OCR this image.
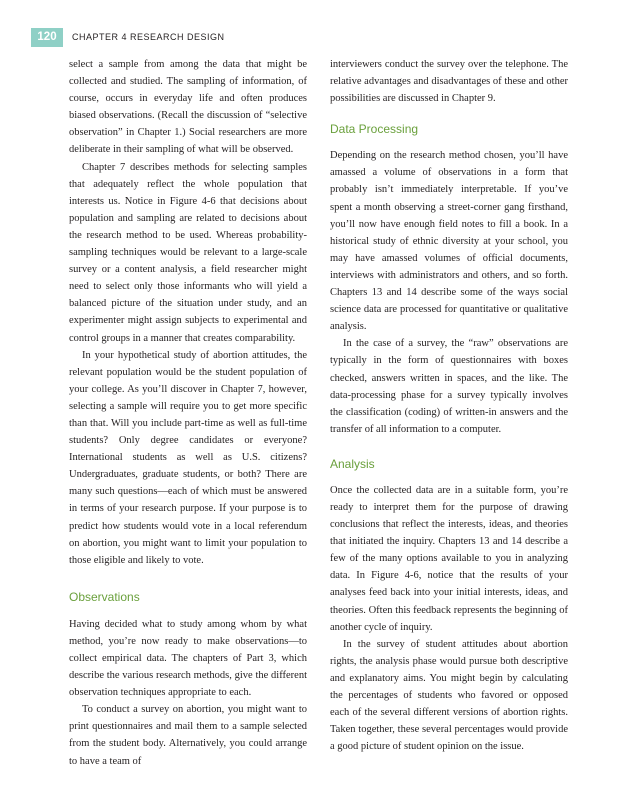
120	CHAPTER 4 RESEARCH DESIGN

select a sample from among the data that might be collected and studied. The sampling of information, of course, occurs in everyday life and often produces biased observations. (Recall the discussion of “selective observation” in Chapter 1.) Social researchers are more deliberate in their sampling of what will be observed.

Chapter 7 describes methods for selecting samples that adequately reflect the whole population that interests us. Notice in Figure 4-6 that decisions about population and sampling are related to decisions about the research method to be used. Whereas probability-sampling techniques would be relevant to a large-scale survey or a content analysis, a field researcher might need to select only those informants who will yield a balanced picture of the situation under study, and an experimenter might assign subjects to experimental and control groups in a manner that creates comparability.

In your hypothetical study of abortion attitudes, the relevant population would be the student population of your college. As you’ll discover in Chapter 7, however, selecting a sample will require you to get more specific than that. Will you include part-time as well as full-time students? Only degree candidates or everyone? International students as well as U.S. citizens? Undergraduates, graduate students, or both? There are many such questions—each of which must be answered in terms of your research purpose. If your purpose is to predict how students would vote in a local referendum on abortion, you might want to limit your population to those eligible and likely to vote.

Observations

Having decided what to study among whom by what method, you’re now ready to make observations—to collect empirical data. The chapters of Part 3, which describe the various research methods, give the different observation techniques appropriate to each.

To conduct a survey on abortion, you might want to print questionnaires and mail them to a sample selected from the student body. Alternatively, you could arrange to have a team of

interviewers conduct the survey over the telephone. The relative advantages and disadvantages of these and other possibilities are discussed in Chapter 9.

Data Processing

Depending on the research method chosen, you’ll have amassed a volume of observations in a form that probably isn’t immediately interpretable. If you’ve spent a month observing a street-corner gang firsthand, you’ll now have enough field notes to fill a book. In a historical study of ethnic diversity at your school, you may have amassed volumes of official documents, interviews with administrators and others, and so forth. Chapters 13 and 14 describe some of the ways social science data are processed for quantitative or qualitative analysis.

In the case of a survey, the “raw” observations are typically in the form of questionnaires with boxes checked, answers written in spaces, and the like. The data-processing phase for a survey typically involves the classification (coding) of written-in answers and the transfer of all information to a computer.

Analysis

Once the collected data are in a suitable form, you’re ready to interpret them for the purpose of drawing conclusions that reflect the interests, ideas, and theories that initiated the inquiry. Chapters 13 and 14 describe a few of the many options available to you in analyzing data. In Figure 4-6, notice that the results of your analyses feed back into your initial interests, ideas, and theories. Often this feedback represents the beginning of another cycle of inquiry.

In the survey of student attitudes about abortion rights, the analysis phase would pursue both descriptive and explanatory aims. You might begin by calculating the percentages of students who favored or opposed each of the several different versions of abortion rights. Taken together, these several percentages would provide a good picture of student opinion on the issue.
